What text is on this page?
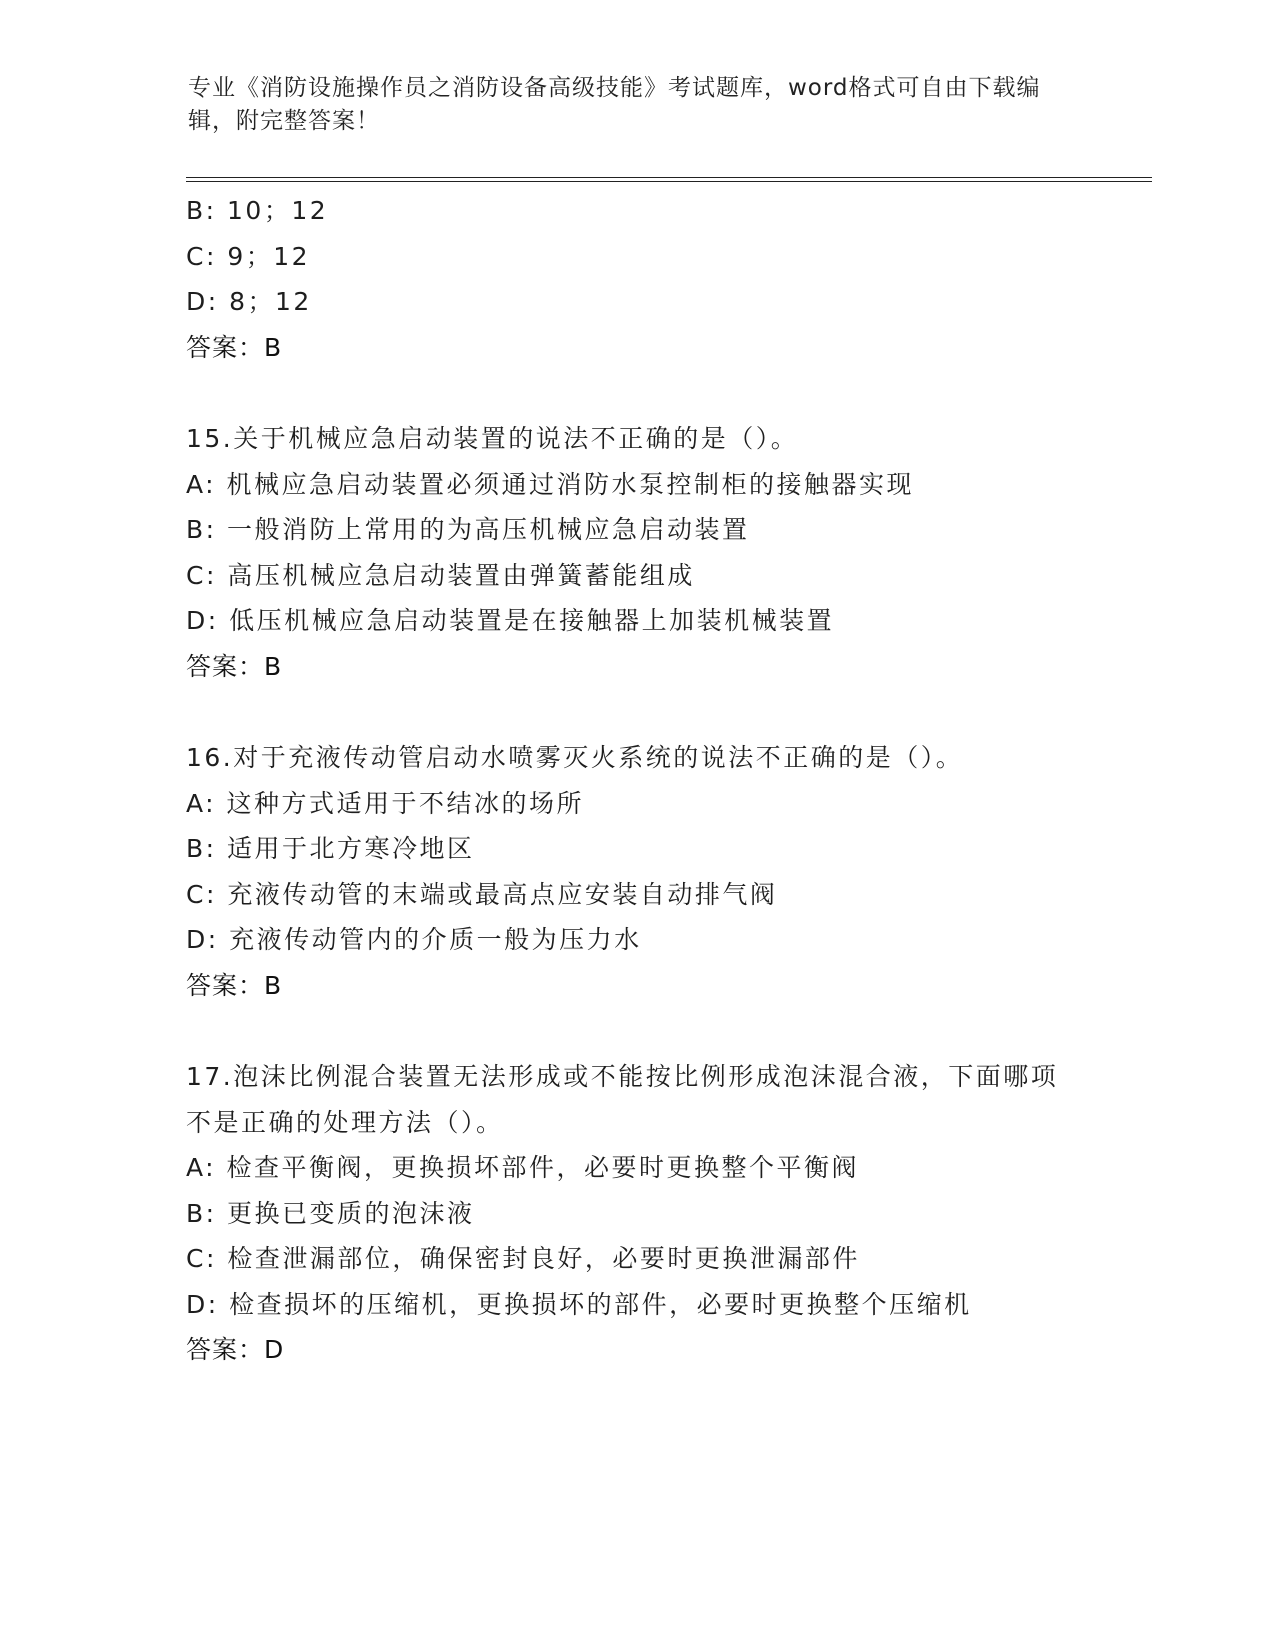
专业《消防设施操作员之消防设备高级技能》考试题库，word格式可自由下载编辑，附完整答案！
B: 10；12
C: 9；12
D: 8；12
答案：B
15.关于机械应急启动装置的说法不正确的是（）。
A: 机械应急启动装置必须通过消防水泵控制柜的接触器实现
B: 一般消防上常用的为高压机械应急启动装置
C: 高压机械应急启动装置由弹簧蓄能组成
D: 低压机械应急启动装置是在接触器上加装机械装置
答案：B
16.对于充液传动管启动水喷雾灭火系统的说法不正确的是（）。
A: 这种方式适用于不结冰的场所
B: 适用于北方寒冷地区
C: 充液传动管的末端或最高点应安装自动排气阀
D: 充液传动管内的介质一般为压力水
答案：B
17.泡沫比例混合装置无法形成或不能按比例形成泡沫混合液，下面哪项不是正确的处理方法（）。
A: 检查平衡阀，更换损坏部件，必要时更换整个平衡阀
B: 更换已变质的泡沫液
C: 检查泄漏部位，确保密封良好，必要时更换泄漏部件
D: 检查损坏的压缩机，更换损坏的部件，必要时更换整个压缩机
答案：D
